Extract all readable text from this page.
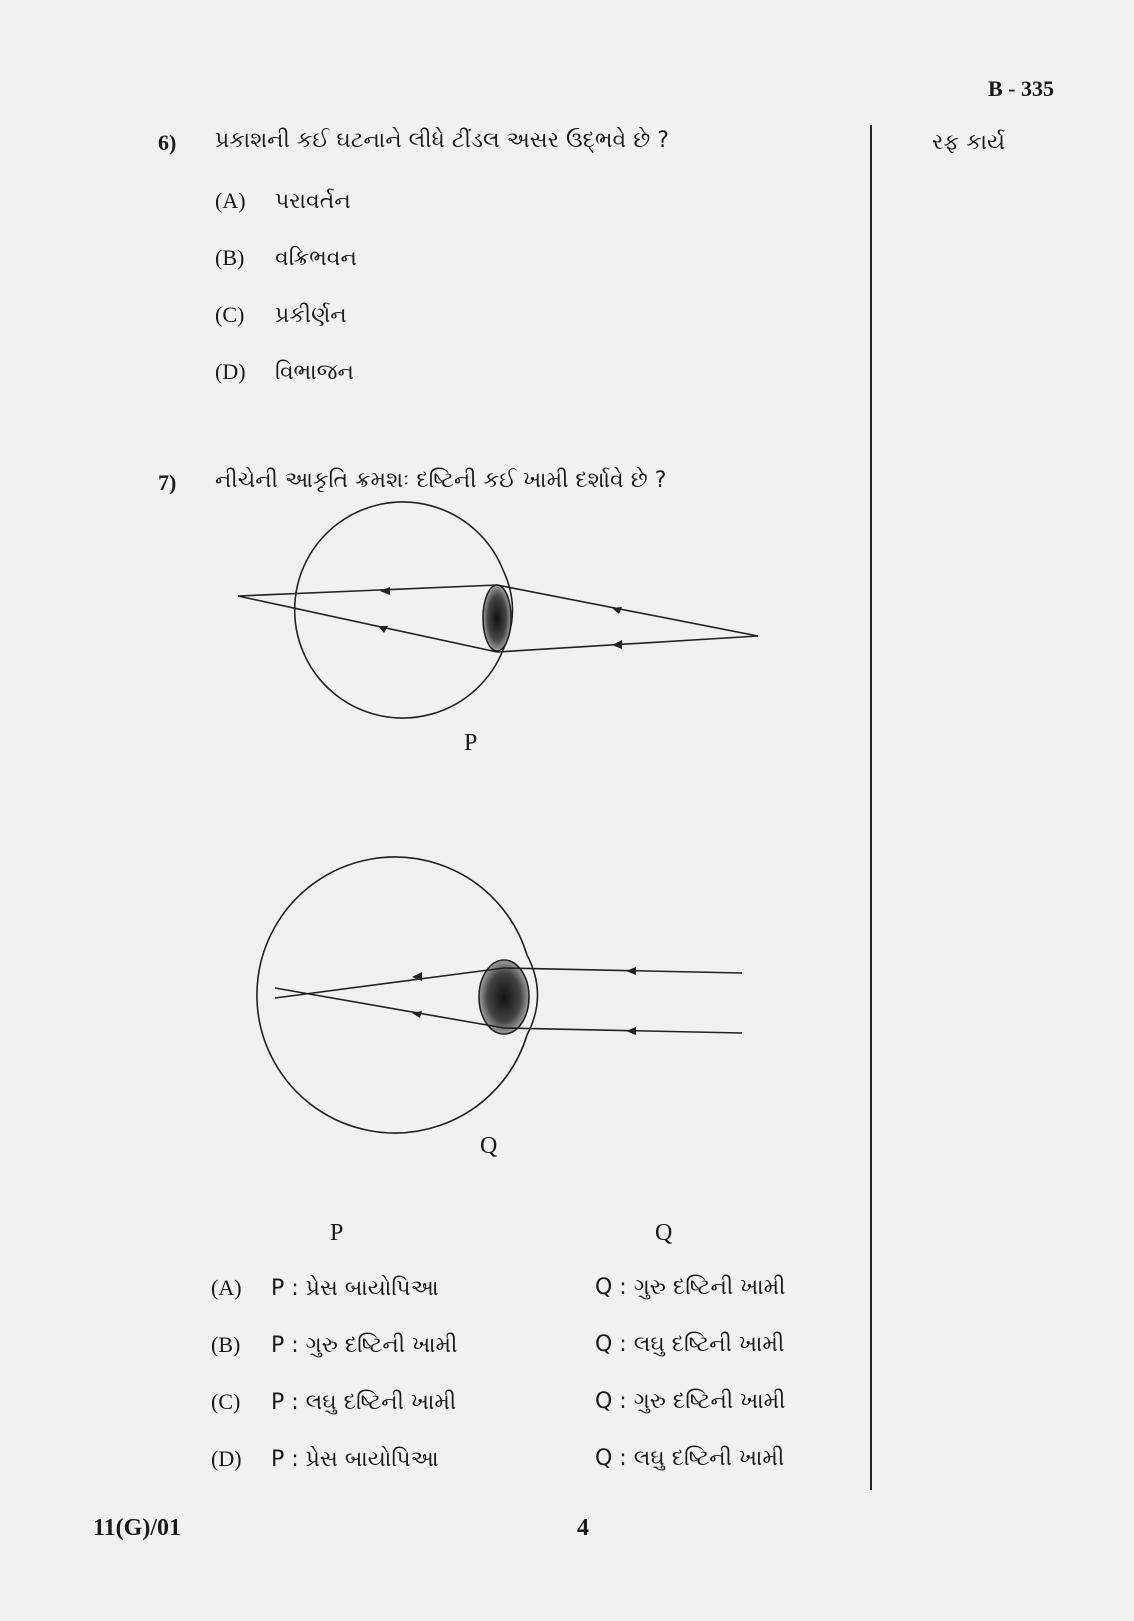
B - 335
રફ કાર્ય
6) પ્રકાશની કઈ ઘટનાને લીધે ટીંડલ અસર ઉદ્ભવે છે ?
(A) પરાવર્તન
(B) વક્રિભવન
(C) પ્રકીર્ણન
(D) વિભાજન
7) નીચેની આકૃતિ ક્રમશઃ દષ્ટિની કઈ ખામી દર્શાવે છે ?
P
Q
P	Q
(A) P : પ્રેસ બાયોપિઆ	Q : ગુરુ દષ્ટિની ખામી
(B) P : ગુરુ દષ્ટિની ખામી	Q : લઘુ દષ્ટિની ખામી
(C) P : લઘુ દષ્ટિની ખામી	Q : ગુરુ દષ્ટિની ખામી
(D) P : પ્રેસ બાયોપિઆ	Q : લઘુ દષ્ટિની ખામી
11(G)/01	4
